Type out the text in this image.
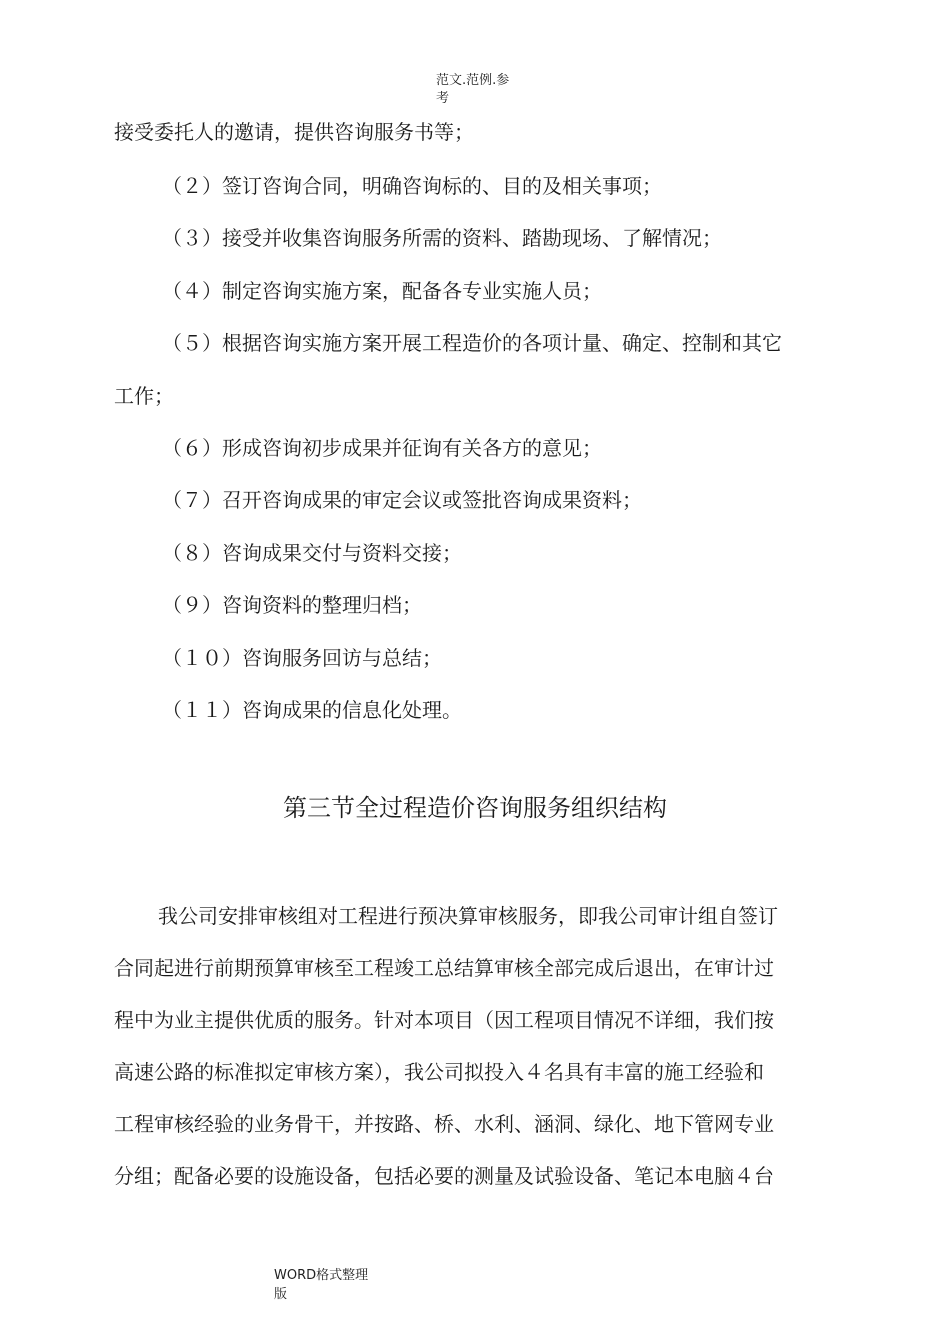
范文.范例.参
考
接受委托人的邀请，提供咨询服务书等；
（２）签订咨询合同，明确咨询标的、目的及相关事项；
（３）接受并收集咨询服务所需的资料、踏勘现场、了解情况；
（４）制定咨询实施方案，配备各专业实施人员；
（５）根据咨询实施方案开展工程造价的各项计量、确定、控制和其它
工作；
（６）形成咨询初步成果并征询有关各方的意见；
（７）召开咨询成果的审定会议或签批咨询成果资料；
（８）咨询成果交付与资料交接；
（９）咨询资料的整理归档；
（１０）咨询服务回访与总结；
（１１）咨询成果的信息化处理。
第三节全过程造价咨询服务组织结构
我公司安排审核组对工程进行预决算审核服务，即我公司审计组自签订
合同起进行前期预算审核至工程竣工总结算审核全部完成后退出，在审计过
程中为业主提供优质的服务。针对本项目（因工程项目情况不详细，我们按
高速公路的标准拟定审核方案），我公司拟投入４名具有丰富的施工经验和
工程审核经验的业务骨干，并按路、桥、水利、涵洞、绿化、地下管网专业
分组；配备必要的设施设备，包括必要的测量及试验设备、笔记本电脑４台
WORD格式整理
版
